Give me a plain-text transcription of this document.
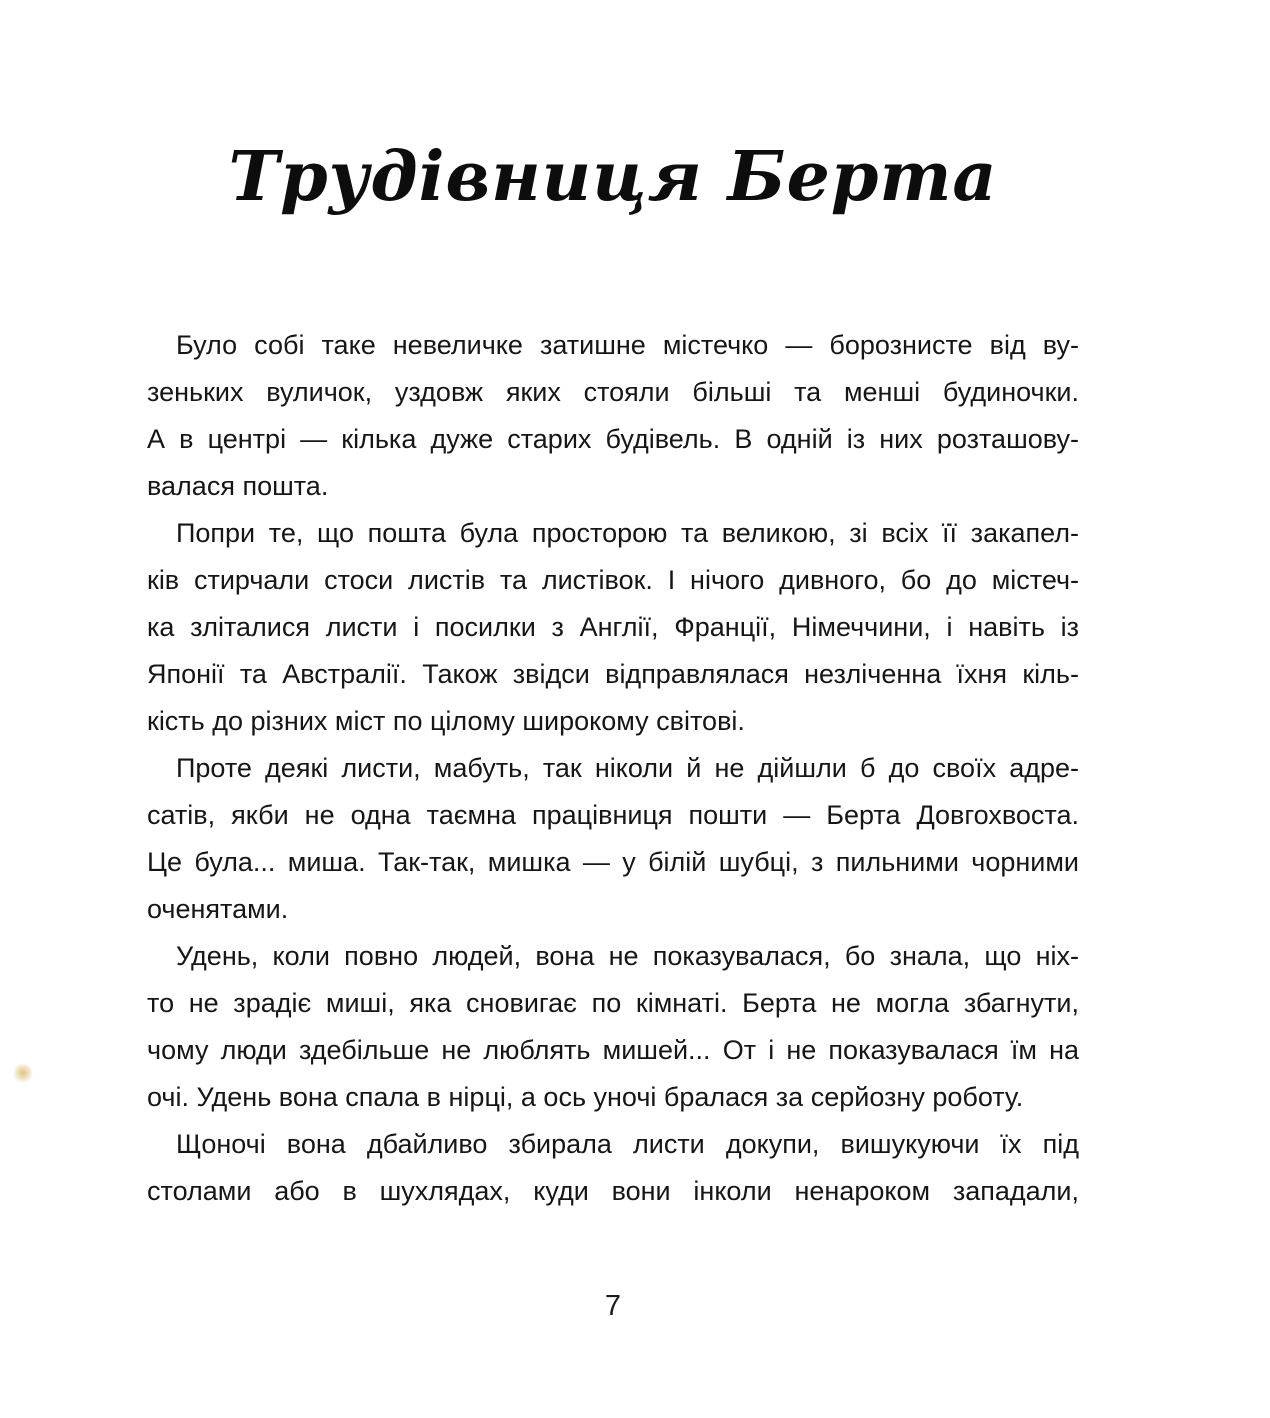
Трудівниця Берта
Було собі таке невеличке затишне містечко — борознисте від ву-
зеньких вуличок, уздовж яких стояли більші та менші будиночки.
А в центрі — кілька дуже старих будівель. В одній із них розташову-
валася пошта.
Попри те, що пошта була просторою та великою, зі всіх її закапел-
ків стирчали стоси листів та листівок. І нічого дивного, бо до містеч-
ка зліталися листи і посилки з Англії, Франції, Німеччини, і навіть із
Японії та Австралії. Також звідси відправлялася незліченна їхня кіль-
кість до різних міст по цілому широкому світові.
Проте деякі листи, мабуть, так ніколи й не дійшли б до своїх адре-
сатів, якби не одна таємна працівниця пошти — Берта Довгохвоста.
Це була... миша. Так-так, мишка — у білій шубці, з пильними чорними
оченятами.
Удень, коли повно людей, вона не показувалася, бо знала, що ніх-
то не зрадіє миші, яка сновигає по кімнаті. Берта не могла збагнути,
чому люди здебільше не люблять мишей... От і не показувалася їм на
очі. Удень вона спала в нірці, а ось уночі бралася за серйозну роботу.
Щоночі вона дбайливо збирала листи докупи, вишукуючи їх під
столами або в шухлядах, куди вони інколи ненароком западали,
7
